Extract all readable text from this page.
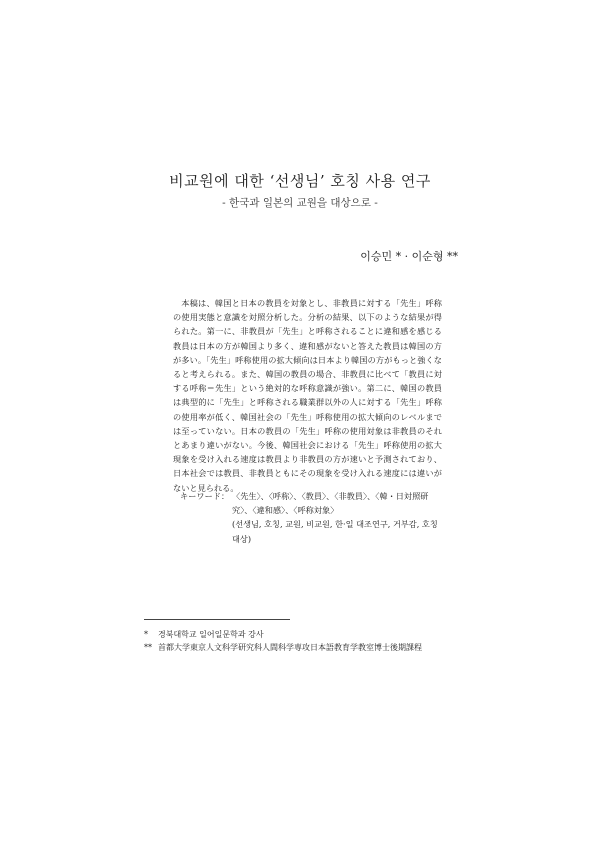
비교원에 대한 ‘선생님’ 호칭 사용 연구
- 한국과 일본의 교원을 대상으로 -
이승민 * · 이순형 **

本稿は、韓国と日本の教員を対象とし、非教員に対する「先生」呼称の使用実態と意識を対照分析した。分析の結果、以下のような結果が得られた。第一に、非教員が「先生」と呼称されることに違和感を感じる教員は日本の方が韓国より多く、違和感がないと答えた教員は韓国の方が多い。「先生」呼称使用の拡大傾向は日本より韓国の方がもっと強くなると考えられる。また、韓国の教員の場合、非教員に比べて「教員に対する呼称＝先生」という絶対的な呼称意識が強い。第二に、韓国の教員は典型的に「先生」と呼称される職業群以外の人に対する「先生」呼称の使用率が低く、韓国社会の「先生」呼称使用の拡大傾向のレベルまでは至っていない。日本の教員の「先生」呼称の使用対象は非教員のそれとあまり違いがない。今後、韓国社会における「先生」呼称使用の拡大現象を受け入れる速度は教員より非教員の方が速いと予測されており、日本社会では教員、非教員ともにその現象を受け入れる速度には違いがないと見られる。

キーワード： 〈先生〉、〈呼称〉、〈教員〉、〈非教員〉、〈韓・日対照研究〉、〈違和感〉、〈呼称対象〉
(선생님, 호칭, 교원, 비교원, 한·일 대조연구, 거부감, 호칭 대상)
*	경북대학교 일어일문학과 강사
** 首都大学東京人文科学研究科人間科学専攻日本語教育学教室博士後期課程
